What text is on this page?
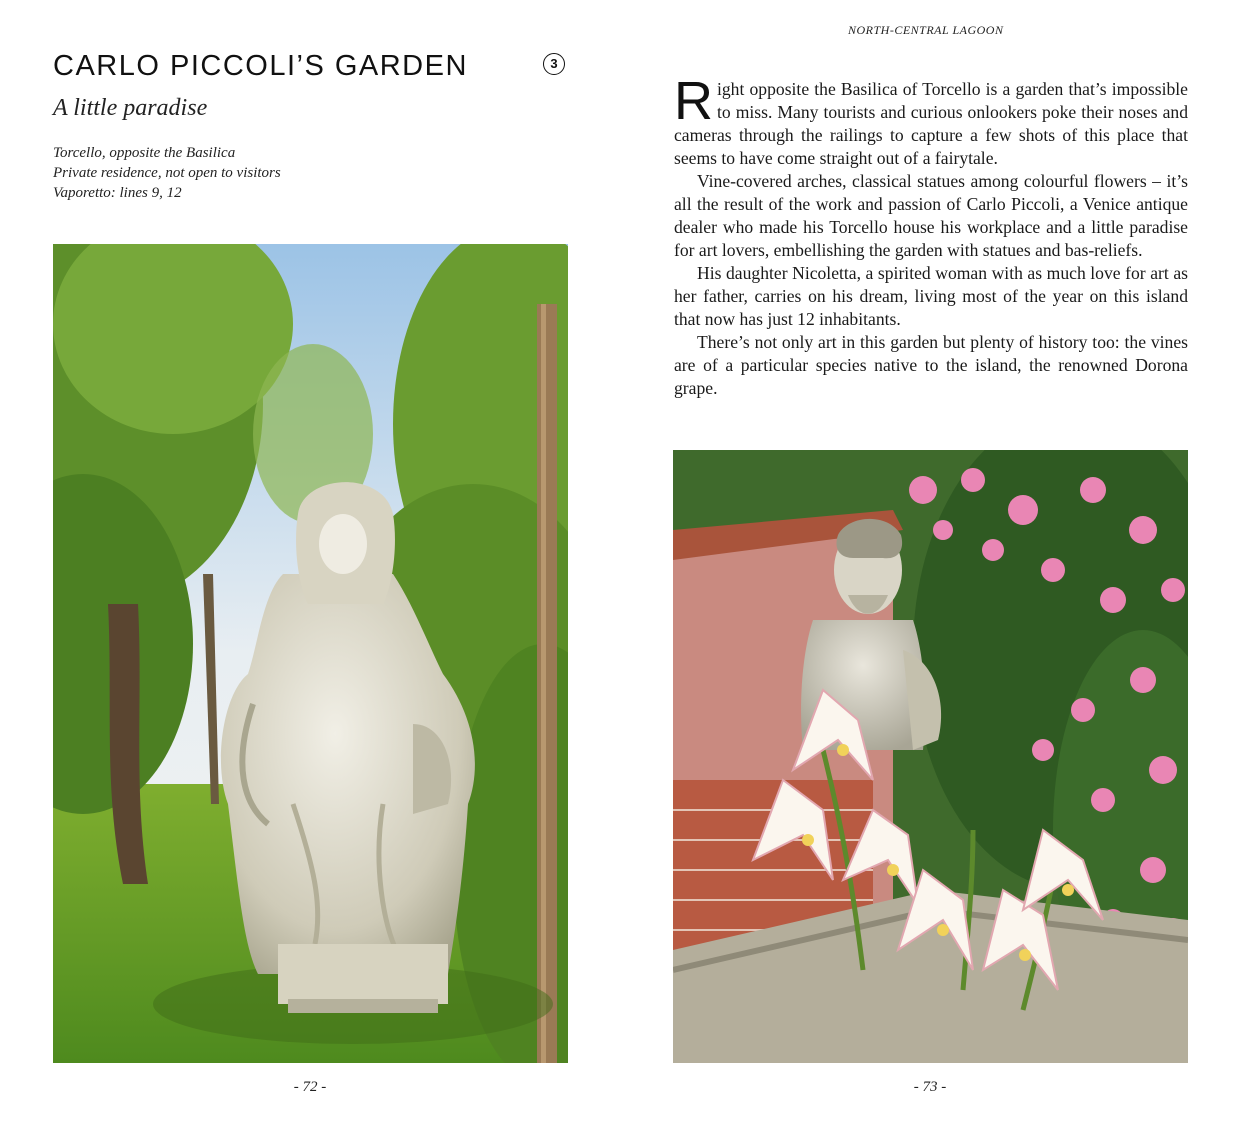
CARLO PICCOLI’S GARDEN	3
A little paradise
Torcello, opposite the Basilica
Private residence, not open to visitors
Vaporetto: lines 9, 12
- 72 -
NORTH-CENTRAL LAGOON

Right opposite the Basilica of Torcello is a garden that’s impossible to miss. Many tourists and curious onlookers poke their noses and cameras through the railings to capture a few shots of this place that seems to have come straight out of a fairytale.

Vine-covered arches, classical statues among colourful flowers – it’s all the result of the work and passion of Carlo Piccoli, a Venice antique dealer who made his Torcello house his workplace and a little paradise for art lovers, embellishing the garden with statues and bas-reliefs.

His daughter Nicoletta, a spirited woman with as much love for art as her father, carries on his dream, living most of the year on this island that now has just 12 inhabitants.

There’s not only art in this garden but plenty of history too: the vines are of a particular species native to the island, the renowned Dorona grape.

- 73 -
